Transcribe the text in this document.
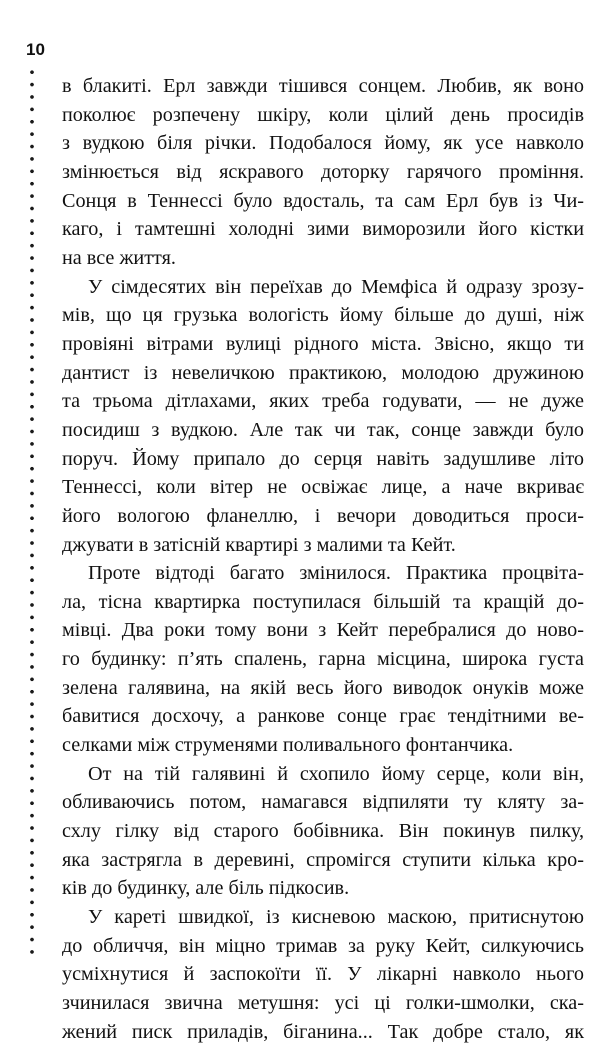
10

в блакиті. Ерл завжди тішився сонцем. Любив, як воно
поколює розпечену шкіру, коли цілий день просидів
з вудкою біля річки. Подобалося йому, як усе навколо
змінюється від яскравого доторку гарячого проміння.
Сонця в Теннессі було вдосталь, та сам Ерл був із Чи-
каго, і тамтешні холодні зими виморозили його кістки
на все життя.

У сімдесятих він переїхав до Мемфіса й одразу зрозу-
мів, що ця грузька вологість йому більше до душі, ніж
провіяні вітрами вулиці рідного міста. Звісно, якщо ти
дантист із невеличкою практикою, молодою дружиною
та трьома дітлахами, яких треба годувати, — не дуже
посидиш з вудкою. Але так чи так, сонце завжди було
поруч. Йому припало до серця навіть задушливе літо
Теннессі, коли вітер не освіжає лице, а наче вкриває
його вологою фланеллю, і вечори доводиться проси-
джувати в затісній квартирі з малими та Кейт.

Проте відтоді багато змінилося. Практика процвіта-
ла, тісна квартирка поступилася більшій та кращій до-
мівці. Два роки тому вони з Кейт перебралися до ново-
го будинку: п’ять спалень, гарна місцина, широка густа
зелена галявина, на якій весь його виводок онуків може
бавитися досхочу, а ранкове сонце грає тендітними ве-
селками між струменями поливального фонтанчика.

От на тій галявині й схопило йому серце, коли він,
обливаючись потом, намагався відпиляти ту кляту за-
схлу гілку від старого бобівника. Він покинув пилку,
яка застрягла в деревині, спромігся ступити кілька кро-
ків до будинку, але біль підкосив.

У кареті швидкої, із кисневою маскою, притиснутою
до обличчя, він міцно тримав за руку Кейт, силкуючись
усміхнутися й заспокоїти її. У лікарні навколо нього
зчинилася звична метушня: усі ці голки-шмолки, ска-
жений писк приладів, біганина... Так добре стало, як
